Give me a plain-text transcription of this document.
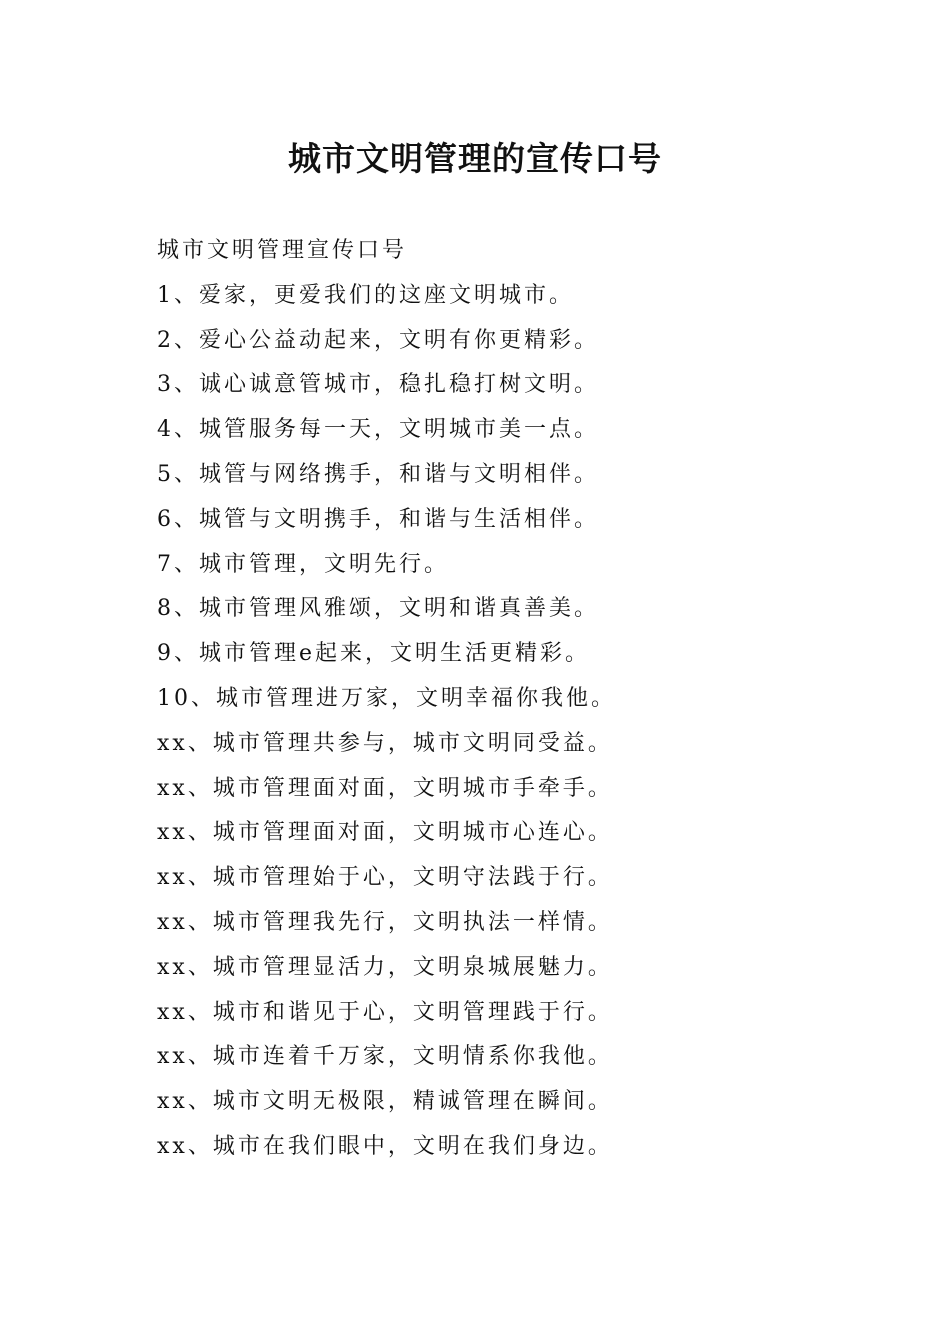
城市文明管理的宣传口号

城市文明管理宣传口号

1、爱家，更爱我们的这座文明城市。

2、爱心公益动起来，文明有你更精彩。

3、诚心诚意管城市，稳扎稳打树文明。

4、城管服务每一天，文明城市美一点。

5、城管与网络携手，和谐与文明相伴。

6、城管与文明携手，和谐与生活相伴。

7、城市管理，文明先行。

8、城市管理风雅颂，文明和谐真善美。

9、城市管理e起来，文明生活更精彩。

10、城市管理进万家，文明幸福你我他。

xx、城市管理共参与，城市文明同受益。

xx、城市管理面对面，文明城市手牵手。

xx、城市管理面对面，文明城市心连心。

xx、城市管理始于心，文明守法践于行。

xx、城市管理我先行，文明执法一样情。

xx、城市管理显活力，文明泉城展魅力。

xx、城市和谐见于心，文明管理践于行。

xx、城市连着千万家，文明情系你我他。

xx、城市文明无极限，精诚管理在瞬间。

xx、城市在我们眼中，文明在我们身边。
